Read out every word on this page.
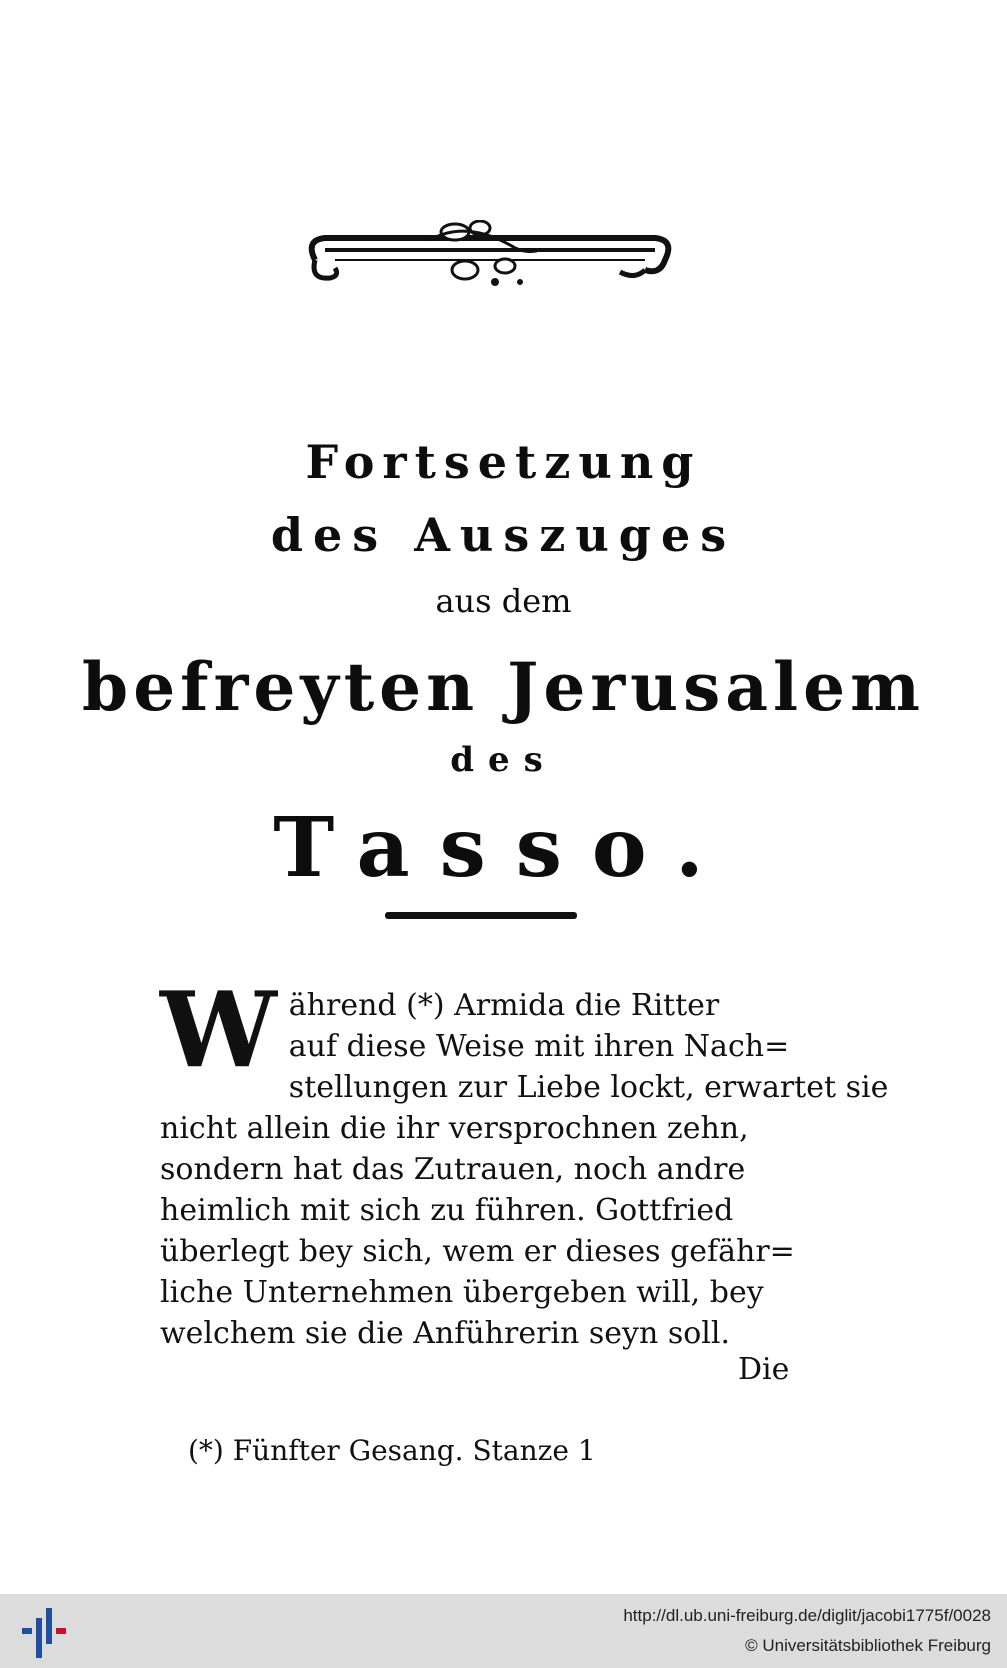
Fortsetzung
des Auszuges
aus dem
befreyten Jerusalem
des
Tasso.
W ährend (*) Armida die Ritter
auf diese Weise mit ihren Nach=
stellungen zur Liebe lockt, erwartet sie
nicht allein die ihr versprochnen zehn,
sondern hat das Zutrauen, noch andre
heimlich mit sich zu führen. Gottfried
überlegt bey sich, wem er dieses gefähr=
liche Unternehmen übergeben will, bey
welchem sie die Anführerin seyn soll.
Die
(*) Fünfter Gesang. Stanze 1
http://dl.ub.uni-freiburg.de/diglit/jacobi1775f/0028
© Universitätsbibliothek Freiburg
